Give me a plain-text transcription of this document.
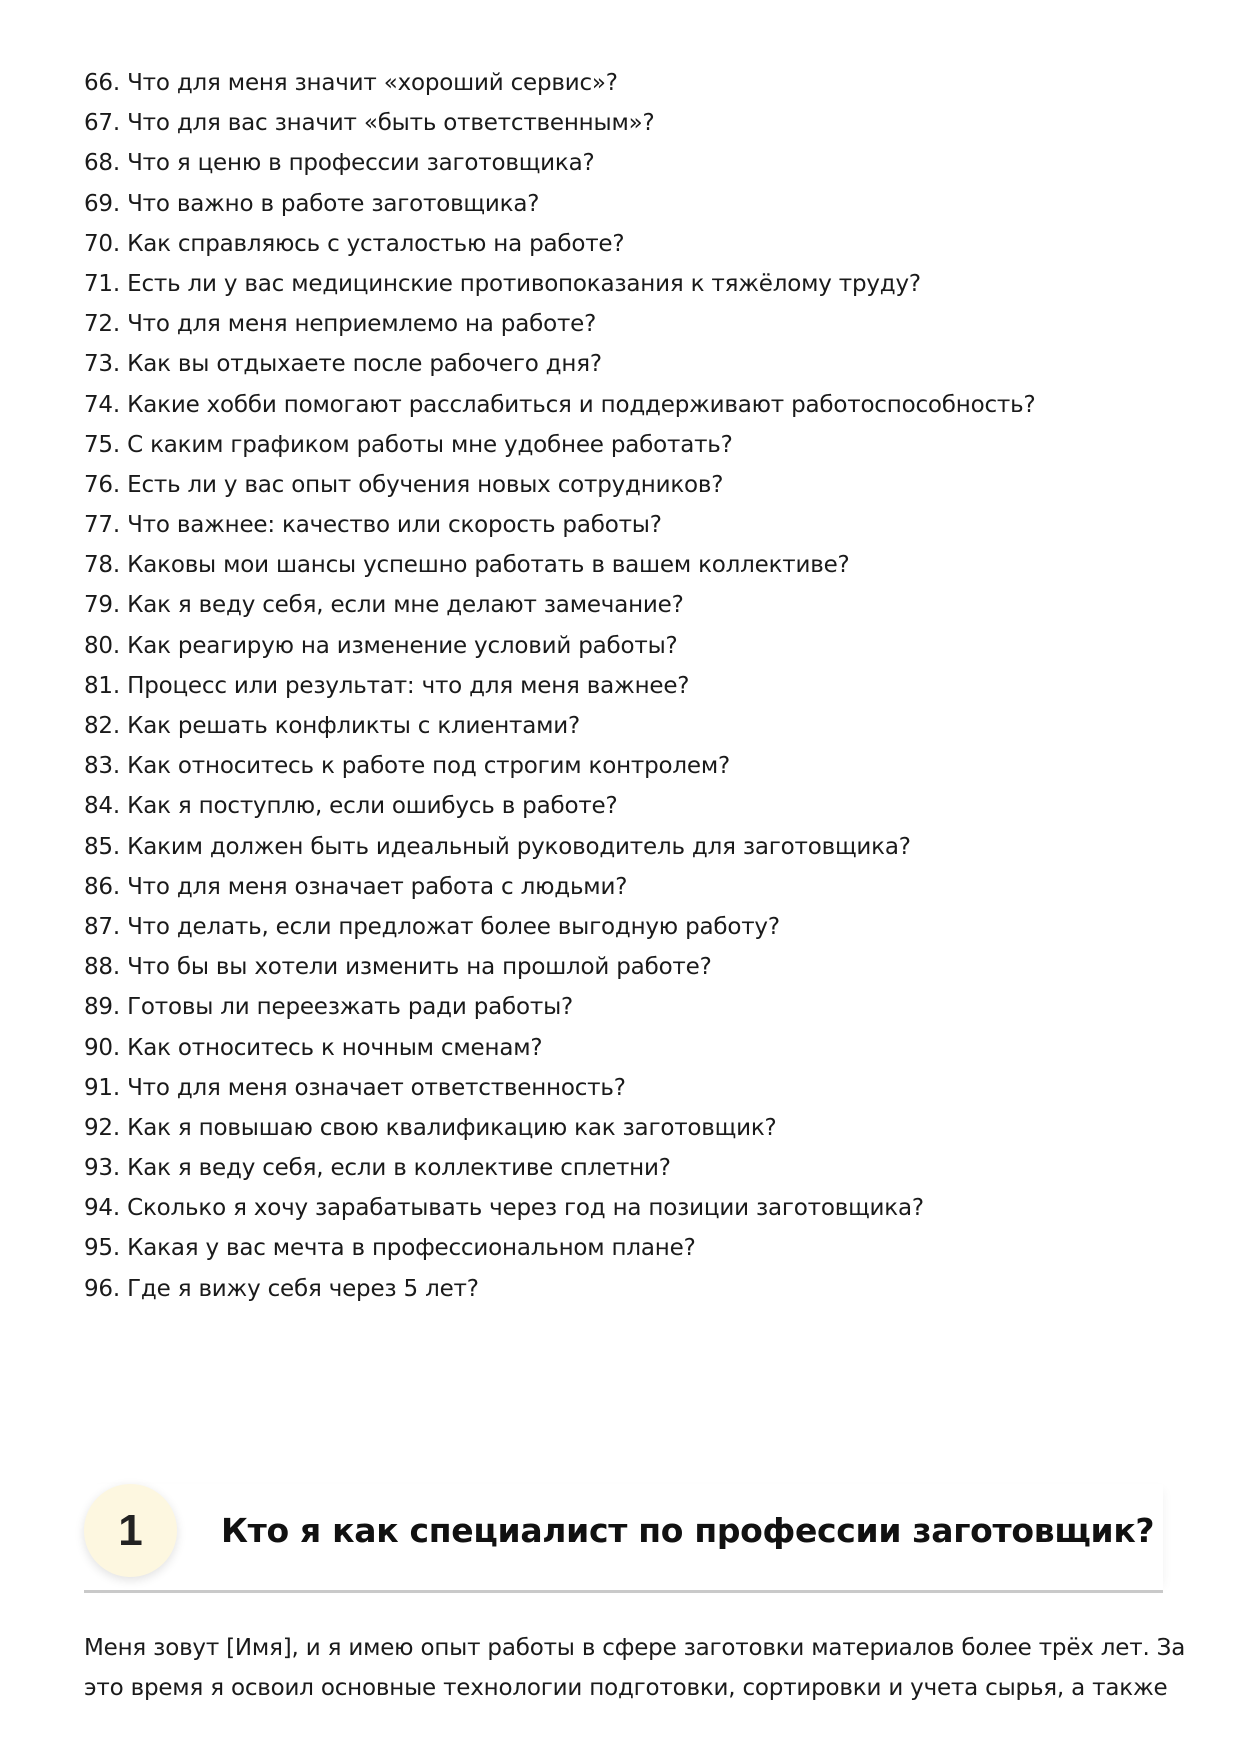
66. Что для меня значит «хороший сервис»?
67. Что для вас значит «быть ответственным»?
68. Что я ценю в профессии заготовщика?
69. Что важно в работе заготовщика?
70. Как справляюсь с усталостью на работе?
71. Есть ли у вас медицинские противопоказания к тяжёлому труду?
72. Что для меня неприемлемо на работе?
73. Как вы отдыхаете после рабочего дня?
74. Какие хобби помогают расслабиться и поддерживают работоспособность?
75. С каким графиком работы мне удобнее работать?
76. Есть ли у вас опыт обучения новых сотрудников?
77. Что важнее: качество или скорость работы?
78. Каковы мои шансы успешно работать в вашем коллективе?
79. Как я веду себя, если мне делают замечание?
80. Как реагирую на изменение условий работы?
81. Процесс или результат: что для меня важнее?
82. Как решать конфликты с клиентами?
83. Как относитесь к работе под строгим контролем?
84. Как я поступлю, если ошибусь в работе?
85. Каким должен быть идеальный руководитель для заготовщика?
86. Что для меня означает работа с людьми?
87. Что делать, если предложат более выгодную работу?
88. Что бы вы хотели изменить на прошлой работе?
89. Готовы ли переезжать ради работы?
90. Как относитесь к ночным сменам?
91. Что для меня означает ответственность?
92. Как я повышаю свою квалификацию как заготовщик?
93. Как я веду себя, если в коллективе сплетни?
94. Сколько я хочу зарабатывать через год на позиции заготовщика?
95. Какая у вас мечта в профессиональном плане?
96. Где я вижу себя через 5 лет?
1	Кто я как специалист по профессии заготовщик?

Меня зовут [Имя], и я имею опыт работы в сфере заготовки материалов более трёх лет. За
это время я освоил основные технологии подготовки, сортировки и учета сырья, а также
